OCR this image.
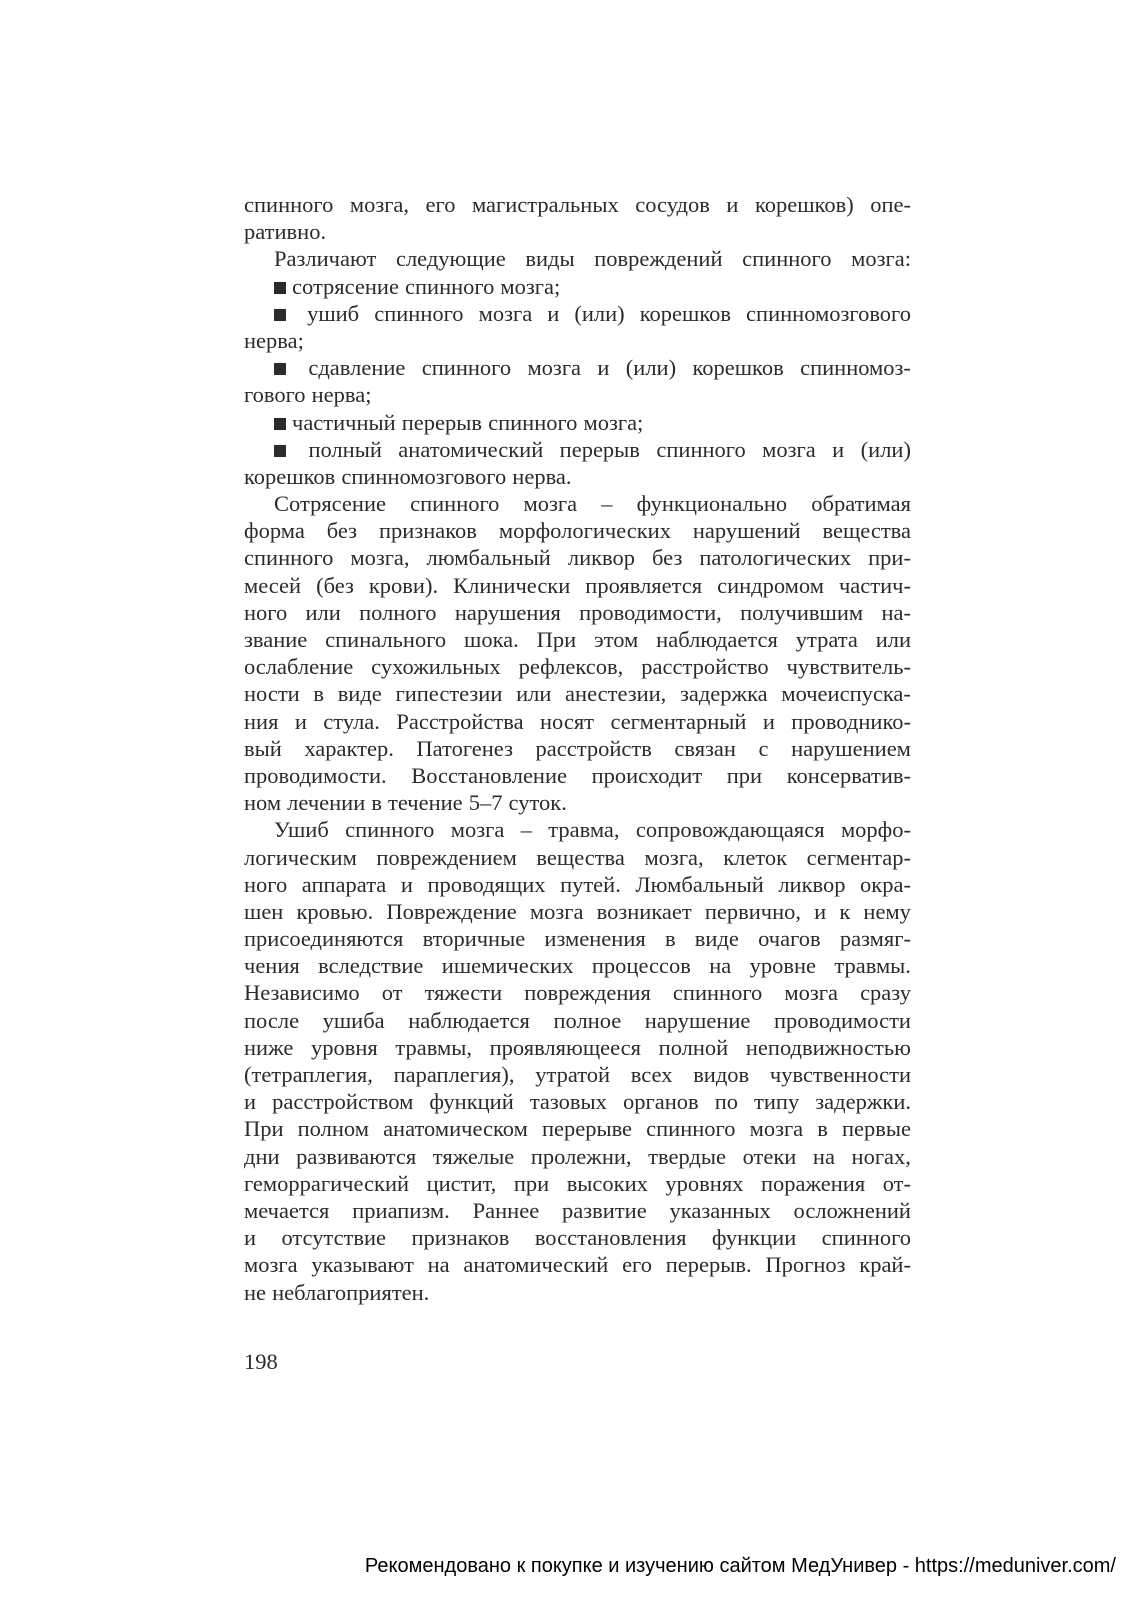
спинного мозга, его магистральных сосудов и корешков) опе-
ративно.
Различают следующие виды повреждений спинного мозга:
сотрясение спинного мозга;
ушиб спинного мозга и (или) корешков спинномозгового
нерва;
сдавление спинного мозга и (или) корешков спинномоз-
гового нерва;
частичный перерыв спинного мозга;
полный анатомический перерыв спинного мозга и (или)
корешков спинномозгового нерва.
Сотрясение спинного мозга – функционально обратимая
форма без признаков морфологических нарушений вещества
спинного мозга, люмбальный ликвор без патологических при-
месей (без крови). Клинически проявляется синдромом частич-
ного или полного нарушения проводимости, получившим на-
звание спинального шока. При этом наблюдается утрата или
ослабление сухожильных рефлексов, расстройство чувствитель-
ности в виде гипестезии или анестезии, задержка мочеиспуска-
ния и стула. Расстройства носят сегментарный и проводнико-
вый характер. Патогенез расстройств связан с нарушением
проводимости. Восстановление происходит при консерватив-
ном лечении в течение 5–7 суток.
Ушиб спинного мозга – травма, сопровождающаяся морфо-
логическим повреждением вещества мозга, клеток сегментар-
ного аппарата и проводящих путей. Люмбальный ликвор окра-
шен кровью. Повреждение мозга возникает первично, и к нему
присоединяются вторичные изменения в виде очагов размяг-
чения вследствие ишемических процессов на уровне травмы.
Независимо от тяжести повреждения спинного мозга сразу
после ушиба наблюдается полное нарушение проводимости
ниже уровня травмы, проявляющееся полной неподвижностью
(тетраплегия, параплегия), утратой всех видов чувственности
и расстройством функций тазовых органов по типу задержки.
При полном анатомическом перерыве спинного мозга в первые
дни развиваются тяжелые пролежни, твердые отеки на ногах,
геморрагический цистит, при высоких уровнях поражения от-
мечается приапизм. Раннее развитие указанных осложнений
и отсутствие признаков восстановления функции спинного
мозга указывают на анатомический его перерыв. Прогноз край-
не неблагоприятен.
198
Рекомендовано к покупке и изучению сайтом МедУнивер - https://meduniver.com/
